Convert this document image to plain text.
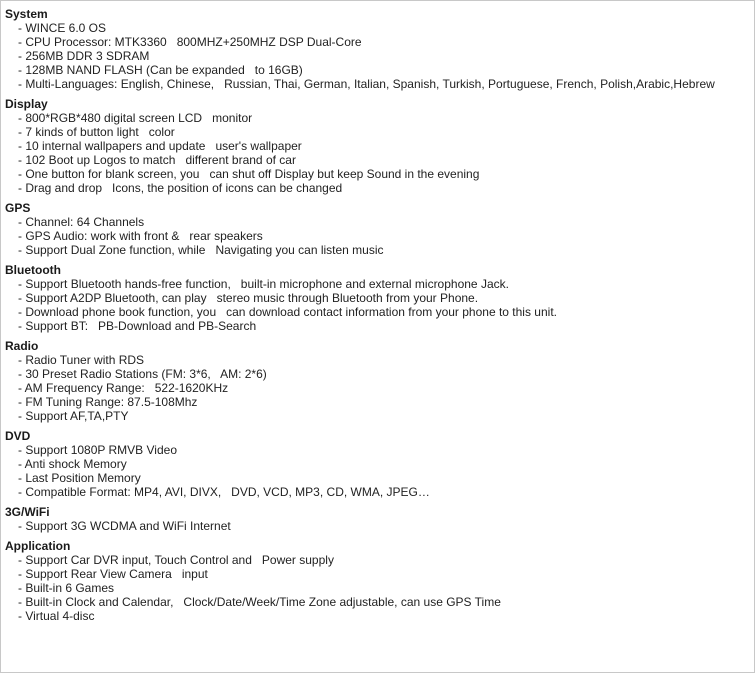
System
- WINCE 6.0 OS
- CPU Processor: MTK3360   800MHZ+250MHZ DSP Dual-Core
- 256MB DDR 3 SDRAM
- 128MB NAND FLASH (Can be expanded   to 16GB)
- Multi-Languages: English, Chinese,   Russian, Thai, German, Italian, Spanish, Turkish, Portuguese, French, Polish,Arabic,Hebrew
Display
- 800*RGB*480 digital screen LCD   monitor
- 7 kinds of button light   color
- 10 internal wallpapers and update   user's wallpaper
- 102 Boot up Logos to match   different brand of car
- One button for blank screen, you   can shut off Display but keep Sound in the evening
- Drag and drop   Icons, the position of icons can be changed
GPS
- Channel: 64 Channels
- GPS Audio: work with front &   rear speakers
- Support Dual Zone function, while   Navigating you can listen music
Bluetooth
- Support Bluetooth hands-free function,   built-in microphone and external microphone Jack.
- Support A2DP Bluetooth, can play   stereo music through Bluetooth from your Phone.
- Download phone book function, you   can download contact information from your phone to this unit.
- Support BT:   PB-Download and PB-Search
Radio
- Radio Tuner with RDS
- 30 Preset Radio Stations (FM: 3*6,   AM: 2*6)
- AM Frequency Range:   522-1620KHz
- FM Tuning Range: 87.5-108Mhz
- Support AF,TA,PTY
DVD
- Support 1080P RMVB Video
- Anti shock Memory
- Last Position Memory
- Compatible Format: MP4, AVI, DIVX,   DVD, VCD, MP3, CD, WMA, JPEG…
3G/WiFi
- Support 3G WCDMA and WiFi Internet
Application
- Support Car DVR input, Touch Control and   Power supply
- Support Rear View Camera   input
- Built-in 6 Games
- Built-in Clock and Calendar,   Clock/Date/Week/Time Zone adjustable, can use GPS Time
- Virtual 4-disc
